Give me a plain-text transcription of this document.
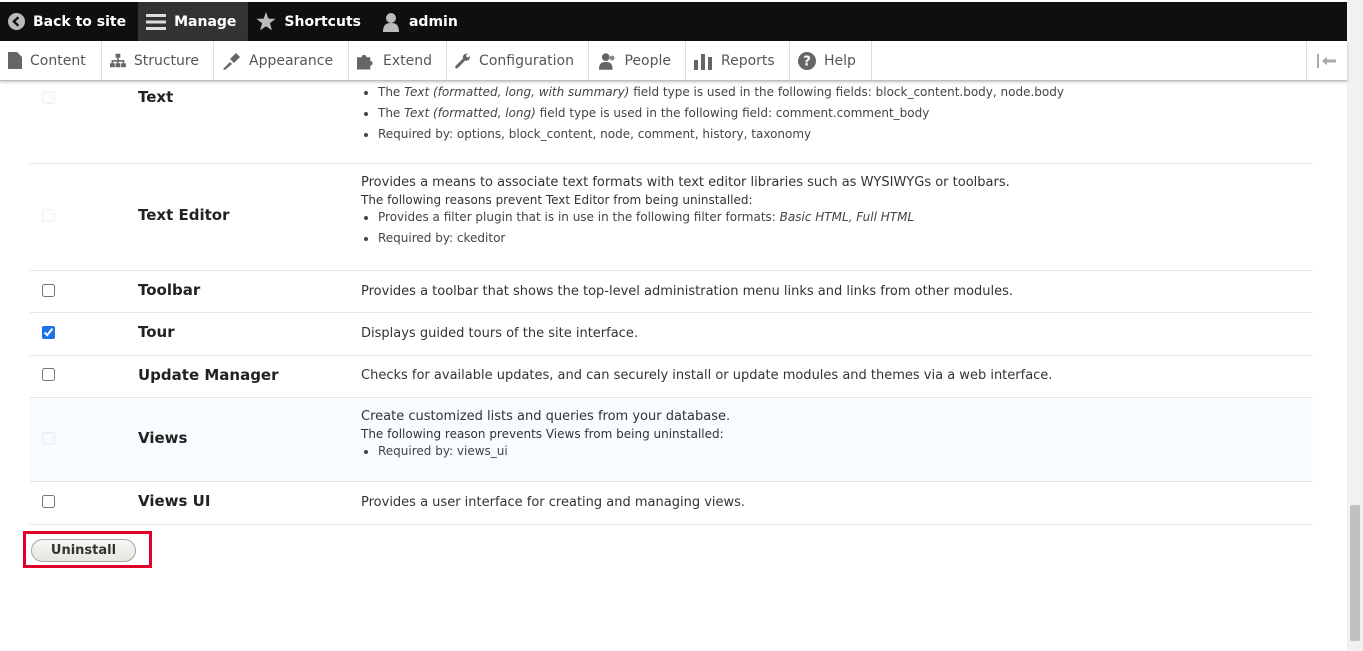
Back to site	Manage	Shortcuts	admin
Content	Structure	Appearance	Extend	Configuration	People	Reports ? Help
Text
•	The Text (formatted, long, with summary) field type is used in the following fields: block_content.body, node.body
• The Text (formatted, long) field type is used in the following field: comment.comment_body
• Required by: options, block_content, node, comment, history, taxonomy
Text Editor

Provides a means to associate text formats with text editor libraries such as WYSIWYGs or toolbars.

The following reasons prevent Text Editor from being uninstalled:

• Provides a filter plugin that is in use in the following filter formats: Basic HTML, Full HTML
• Required by: ckeditor
Toolbar	Provides a toolbar that shows the top-level administration menu links and links from other modules.

Tour	Displays guided tours of the site interface.

Update Manager	Checks for available updates, and can securely install or update modules and themes via a web interface.

Views

Create customized lists and queries from your database.

The following reason prevents Views from being uninstalled:

• Required by: views_ui
Views UI	Provides a user interface for creating and managing views.

Uninstall
